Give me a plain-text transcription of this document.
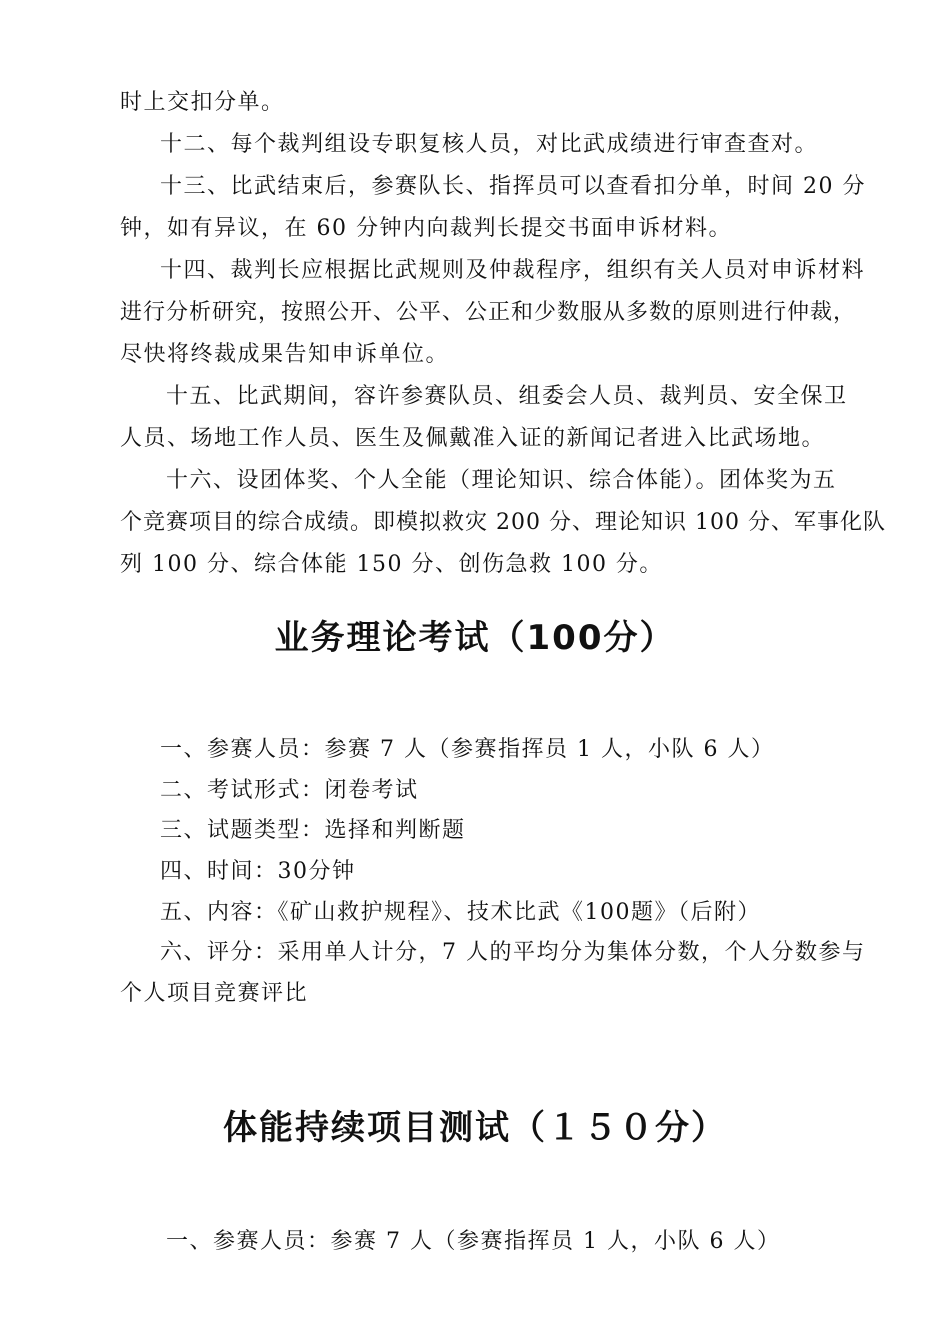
时上交扣分单。
十二、每个裁判组设专职复核人员，对比武成绩进行审查查对。
十三、比武结束后，参赛队长、指挥员可以查看扣分单，时间 20 分
钟，如有异议，在 60 分钟内向裁判长提交书面申诉材料。
十四、裁判长应根据比武规则及仲裁程序，组织有关人员对申诉材料
进行分析研究，按照公开、公平、公正和少数服从多数的原则进行仲裁，
尽快将终裁成果告知申诉单位。
十五、比武期间，容许参赛队员、组委会人员、裁判员、安全保卫
人员、场地工作人员、医生及佩戴准入证的新闻记者进入比武场地。
十六、设团体奖、个人全能（理论知识、综合体能）。团体奖为五
个竞赛项目的综合成绩。即模拟救灾 200 分、理论知识 100 分、军事化队
列 100 分、综合体能 150 分、创伤急救 100 分。
业务理论考试（100分）
一、参赛人员：参赛 7 人（参赛指挥员 1 人，小队 6 人）
二、考试形式：闭卷考试
三、试题类型：选择和判断题
四、时间：30分钟
五、内容：《矿山救护规程》、技术比武《100题》（后附）
六、评分：采用单人计分，7 人的平均分为集体分数，个人分数参与
个人项目竞赛评比
体能持续项目测试（１５０分）
一、参赛人员：参赛 7 人（参赛指挥员 1 人，小队 6 人）
